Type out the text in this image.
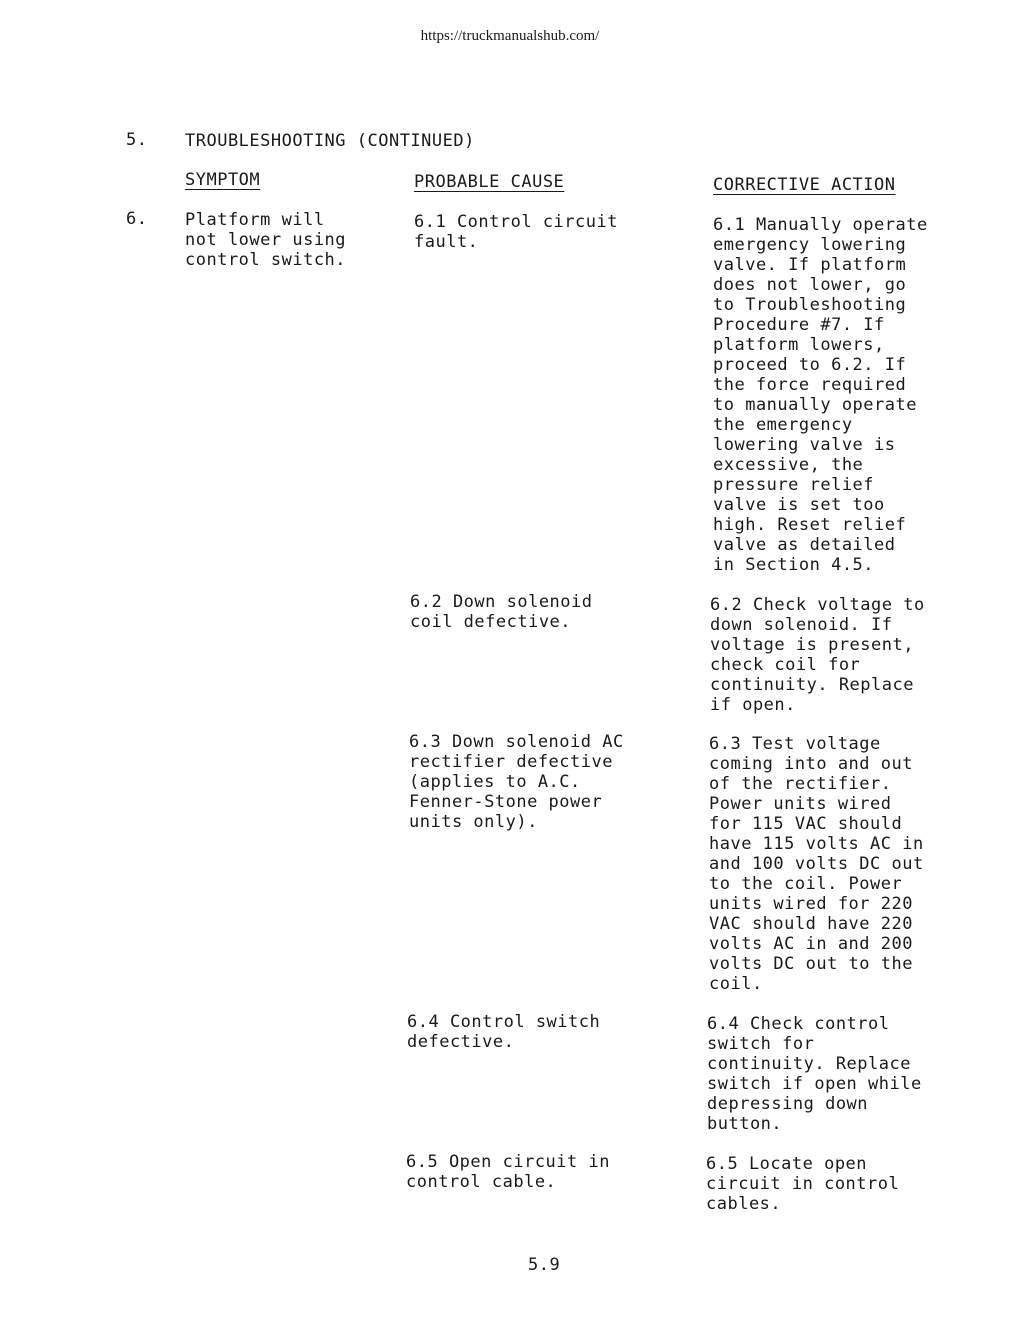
https://truckmanualshub.com/
5. TROUBLESHOOTING (CONTINUED)
SYMPTOM	PROBABLE CAUSE	CORRECTIVE ACTION
6. Platform will
not lower using
control switch.
6.1 Control circuit
fault.
6.1 Manually operate
emergency lowering
valve. If platform
does not lower, go
to Troubleshooting
Procedure #7. If
platform lowers,
proceed to 6.2. If
the force required
to manually operate
the emergency
lowering valve is
excessive, the
pressure relief
valve is set too
high. Reset relief
valve as detailed
in Section 4.5.
6.2 Down solenoid
coil defective.
6.2 Check voltage to
down solenoid. If
voltage is present,
check coil for
continuity. Replace
if open.
6.3 Down solenoid AC
rectifier defective
(applies to A.C.
Fenner-Stone power
units only).
6.3 Test voltage
coming into and out
of the rectifier.
Power units wired
for 115 VAC should
have 115 volts AC in
and 100 volts DC out
to the coil. Power
units wired for 220
VAC should have 220
volts AC in and 200
volts DC out to the
coil.
6.4 Control switch
defective.
6.4 Check control
switch for
continuity. Replace
switch if open while
depressing down
button.
6.5 Open circuit in
control cable.
6.5 Locate open
circuit in control
cables.
5.9
